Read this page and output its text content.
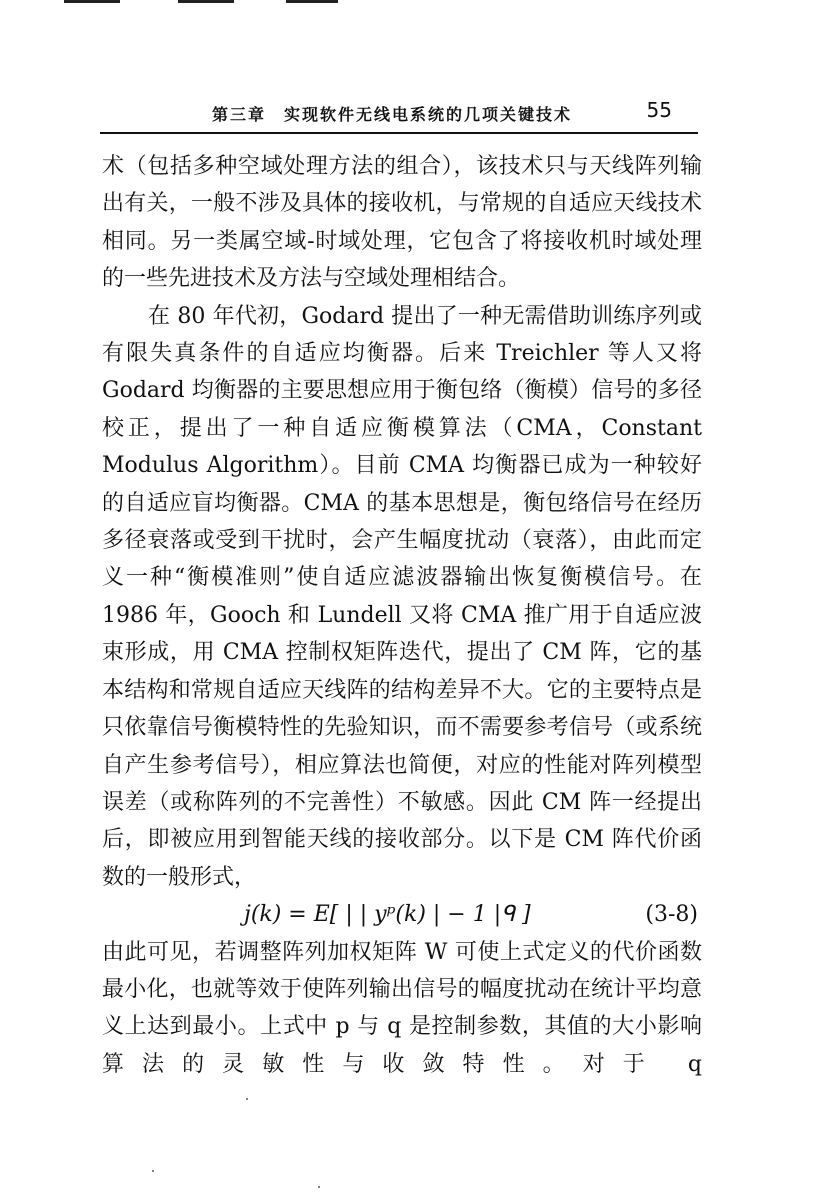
第三章　实现软件无线电系统的几项关键技术	55

术（包括多种空域处理方法的组合），该技术只与天线阵列输出有关，一般不涉及具体的接收机，与常规的自适应天线技术相同。另一类属空域-时域处理，它包含了将接收机时域处理的一些先进技术及方法与空域处理相结合。

在 80 年代初，Godard 提出了一种无需借助训练序列或有限失真条件的自适应均衡器。后来 Treichler 等人又将 Godard 均衡器的主要思想应用于衡包络（衡模）信号的多径校正，提出了一种自适应衡模算法（CMA，Constant Modulus Algorithm）。目前 CMA 均衡器已成为一种较好的自适应盲均衡器。CMA 的基本思想是，衡包络信号在经历多径衰落或受到干扰时，会产生幅度扰动（衰落），由此而定义一种“衡模准则”使自适应滤波器输出恢复衡模信号。在 1986 年，Gooch 和 Lundell 又将 CMA 推广用于自适应波束形成，用 CMA 控制权矩阵迭代，提出了 CM 阵，它的基本结构和常规自适应天线阵的结构差异不大。它的主要特点是只依靠信号衡模特性的先验知识，而不需要参考信号（或系统自产生参考信号），相应算法也简便，对应的性能对阵列模型误差（或称阵列的不完善性）不敏感。因此 CM 阵一经提出后，即被应用到智能天线的接收部分。以下是 CM 阵代价函数的一般形式，

j(k) = E[ | | yᵖ(k) | − 1 |ᑫ ]	(3-8)

由此可见，若调整阵列加权矩阵 W 可使上式定义的代价函数最小化，也就等效于使阵列输出信号的幅度扰动在统计平均意义上达到最小。上式中 p 与 q 是控制参数，其值的大小影响算法的灵敏性与收敛特性。对于 q
